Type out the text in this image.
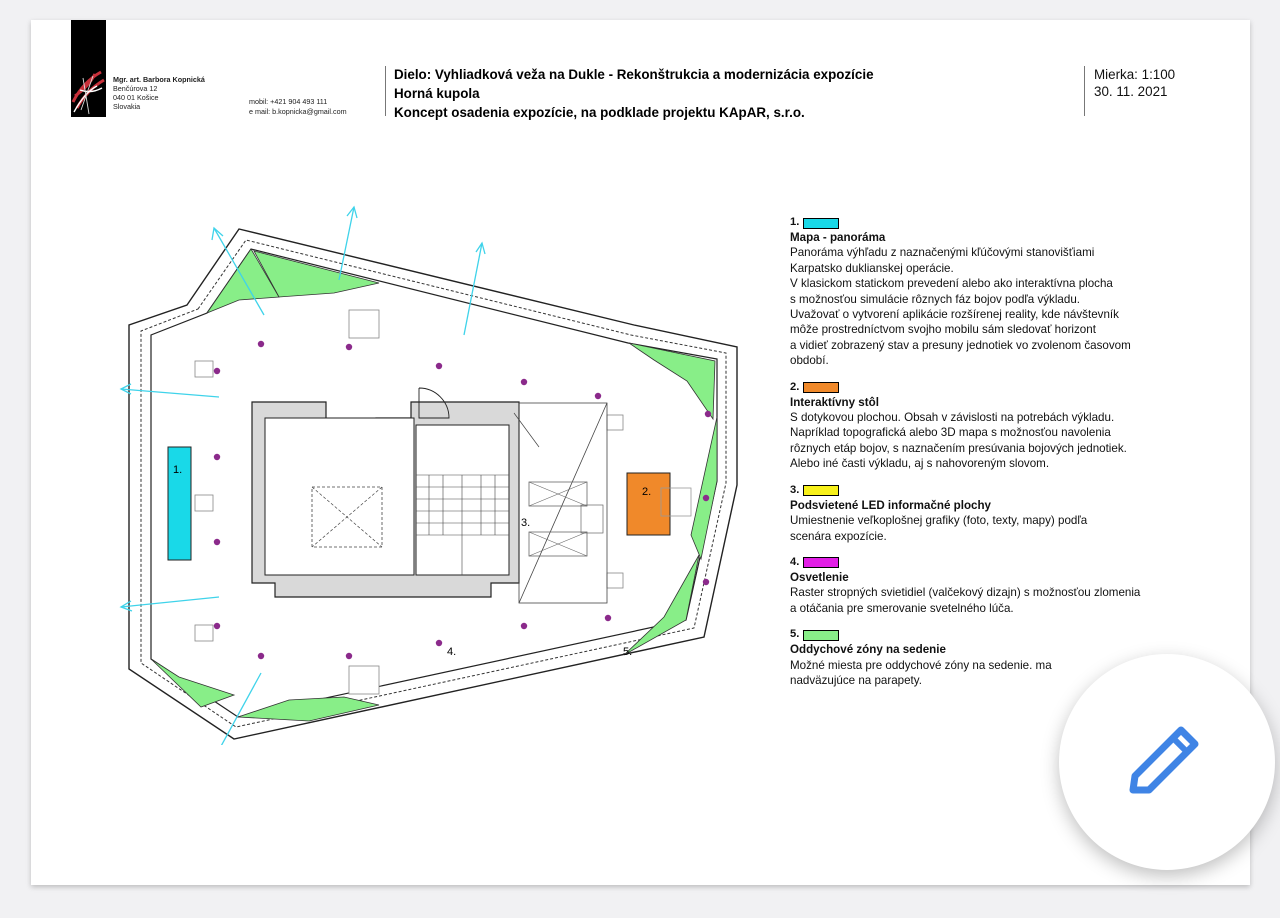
Mgr. art. Barbora Kopnická
Benčúrova 12
040 01 Košice
Slovakia
mobil: +421 904 493 111
e mail: b.kopnicka@gmail.com
Dielo: Vyhliadková veža na Dukle - Rekonštrukcia a modernizácia expozície
Horná kupola
Koncept osadenia expozície, na podklade projektu KApAR, s.r.o.
Mierka: 1:100
30. 11. 2021
1.
2.
3.
4.	5.
1.
Mapa - panoráma
Panoráma výhľadu z naznačenými kľúčovými stanovišťiami
Karpatsko duklianskej operácie.
V klasickom statickom prevedení alebo ako interaktívna plocha
s možnosťou simulácie rôznych fáz bojov podľa výkladu.
Uvažovať o vytvorení aplikácie rozšírenej reality, kde návštevník
môže prostredníctvom svojho mobilu sám sledovať horizont
a vidieť zobrazený stav a presuny jednotiek vo zvolenom časovom
období.
2.
Interaktívny stôl
S dotykovou plochou. Obsah v závislosti na potrebách výkladu.
Napríklad topografická alebo 3D mapa s možnosťou navolenia
rôznych etáp bojov, s naznačením presúvania bojových jednotiek.
Alebo iné časti výkladu, aj s nahovoreným slovom.
3.
Podsvietené LED informačné plochy
Umiestnenie veľkoplošnej grafiky (foto, texty, mapy) podľa
scenára expozície.
4.
Osvetlenie
Raster stropných svietidiel (valčekový dizajn) s možnosťou zlomenia
a otáčania pre smerovanie svetelného lúča.
5.
Oddychové zóny na sedenie
Možné miesta pre oddychové zóny na sedenie. ma
nadväzujúce na parapety.
